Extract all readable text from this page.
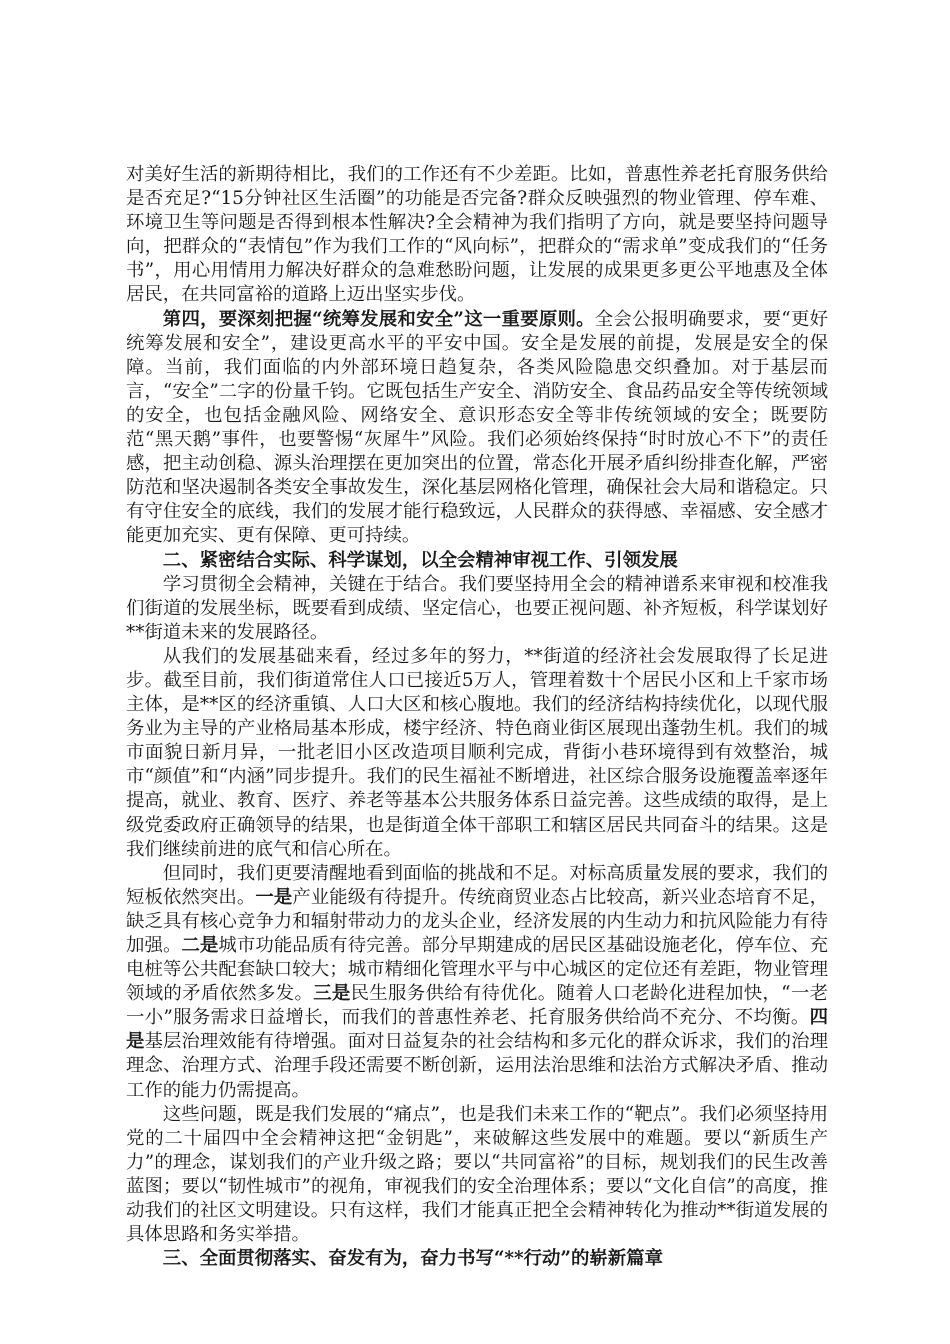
对美好生活的新期待相比，我们的工作还有不少差距。比如，普惠性养老托育服务供给是否充足?“15分钟社区生活圈”的功能是否完备?群众反映强烈的物业管理、停车难、环境卫生等问题是否得到根本性解决?全会精神为我们指明了方向，就是要坚持问题导向，把群众的“表情包”作为我们工作的“风向标”，把群众的“需求单”变成我们的“任务书”，用心用情用力解决好群众的急难愁盼问题，让发展的成果更多更公平地惠及全体居民，在共同富裕的道路上迈出坚实步伐。

第四，要深刻把握“统筹发展和安全”这一重要原则。全会公报明确要求，要“更好统筹发展和安全”，建设更高水平的平安中国。安全是发展的前提，发展是安全的保障。当前，我们面临的内外部环境日趋复杂，各类风险隐患交织叠加。对于基层而言，“安全”二字的份量千钧。它既包括生产安全、消防安全、食品药品安全等传统领域的安全，也包括金融风险、网络安全、意识形态安全等非传统领域的安全；既要防范“黑天鹅”事件，也要警惕“灰犀牛”风险。我们必须始终保持“时时放心不下”的责任感，把主动创稳、源头治理摆在更加突出的位置，常态化开展矛盾纠纷排查化解，严密防范和坚决遏制各类安全事故发生，深化基层网格化管理，确保社会大局和谐稳定。只有守住安全的底线，我们的发展才能行稳致远，人民群众的获得感、幸福感、安全感才能更加充实、更有保障、更可持续。

二、紧密结合实际、科学谋划，以全会精神审视工作、引领发展

学习贯彻全会精神，关键在于结合。我们要坚持用全会的精神谱系来审视和校准我们街道的发展坐标，既要看到成绩、坚定信心，也要正视问题、补齐短板，科学谋划好**街道未来的发展路径。

从我们的发展基础来看，经过多年的努力，**街道的经济社会发展取得了长足进步。截至目前，我们街道常住人口已接近5万人，管理着数十个居民小区和上千家市场主体，是**区的经济重镇、人口大区和核心腹地。我们的经济结构持续优化，以现代服务业为主导的产业格局基本形成，楼宇经济、特色商业街区展现出蓬勃生机。我们的城市面貌日新月异，一批老旧小区改造项目顺利完成，背街小巷环境得到有效整治，城市“颜值”和“内涵”同步提升。我们的民生福祉不断增进，社区综合服务设施覆盖率逐年提高，就业、教育、医疗、养老等基本公共服务体系日益完善。这些成绩的取得，是上级党委政府正确领导的结果，也是街道全体干部职工和辖区居民共同奋斗的结果。这是我们继续前进的底气和信心所在。

但同时，我们更要清醒地看到面临的挑战和不足。对标高质量发展的要求，我们的短板依然突出。一是产业能级有待提升。传统商贸业态占比较高，新兴业态培育不足，缺乏具有核心竞争力和辐射带动力的龙头企业，经济发展的内生动力和抗风险能力有待加强。二是城市功能品质有待完善。部分早期建成的居民区基础设施老化，停车位、充电桩等公共配套缺口较大；城市精细化管理水平与中心城区的定位还有差距，物业管理领域的矛盾依然多发。三是民生服务供给有待优化。随着人口老龄化进程加快，“一老一小”服务需求日益增长，而我们的普惠性养老、托育服务供给尚不充分、不均衡。四是基层治理效能有待增强。面对日益复杂的社会结构和多元化的群众诉求，我们的治理理念、治理方式、治理手段还需要不断创新，运用法治思维和法治方式解决矛盾、推动工作的能力仍需提高。

这些问题，既是我们发展的“痛点”，也是我们未来工作的“靶点”。我们必须坚持用党的二十届四中全会精神这把“金钥匙”，来破解这些发展中的难题。要以“新质生产力”的理念，谋划我们的产业升级之路；要以“共同富裕”的目标，规划我们的民生改善蓝图；要以“韧性城市”的视角，审视我们的安全治理体系；要以“文化自信”的高度，推动我们的社区文明建设。只有这样，我们才能真正把全会精神转化为推动**街道发展的具体思路和务实举措。

三、全面贯彻落实、奋发有为，奋力书写“**行动”的崭新篇章
